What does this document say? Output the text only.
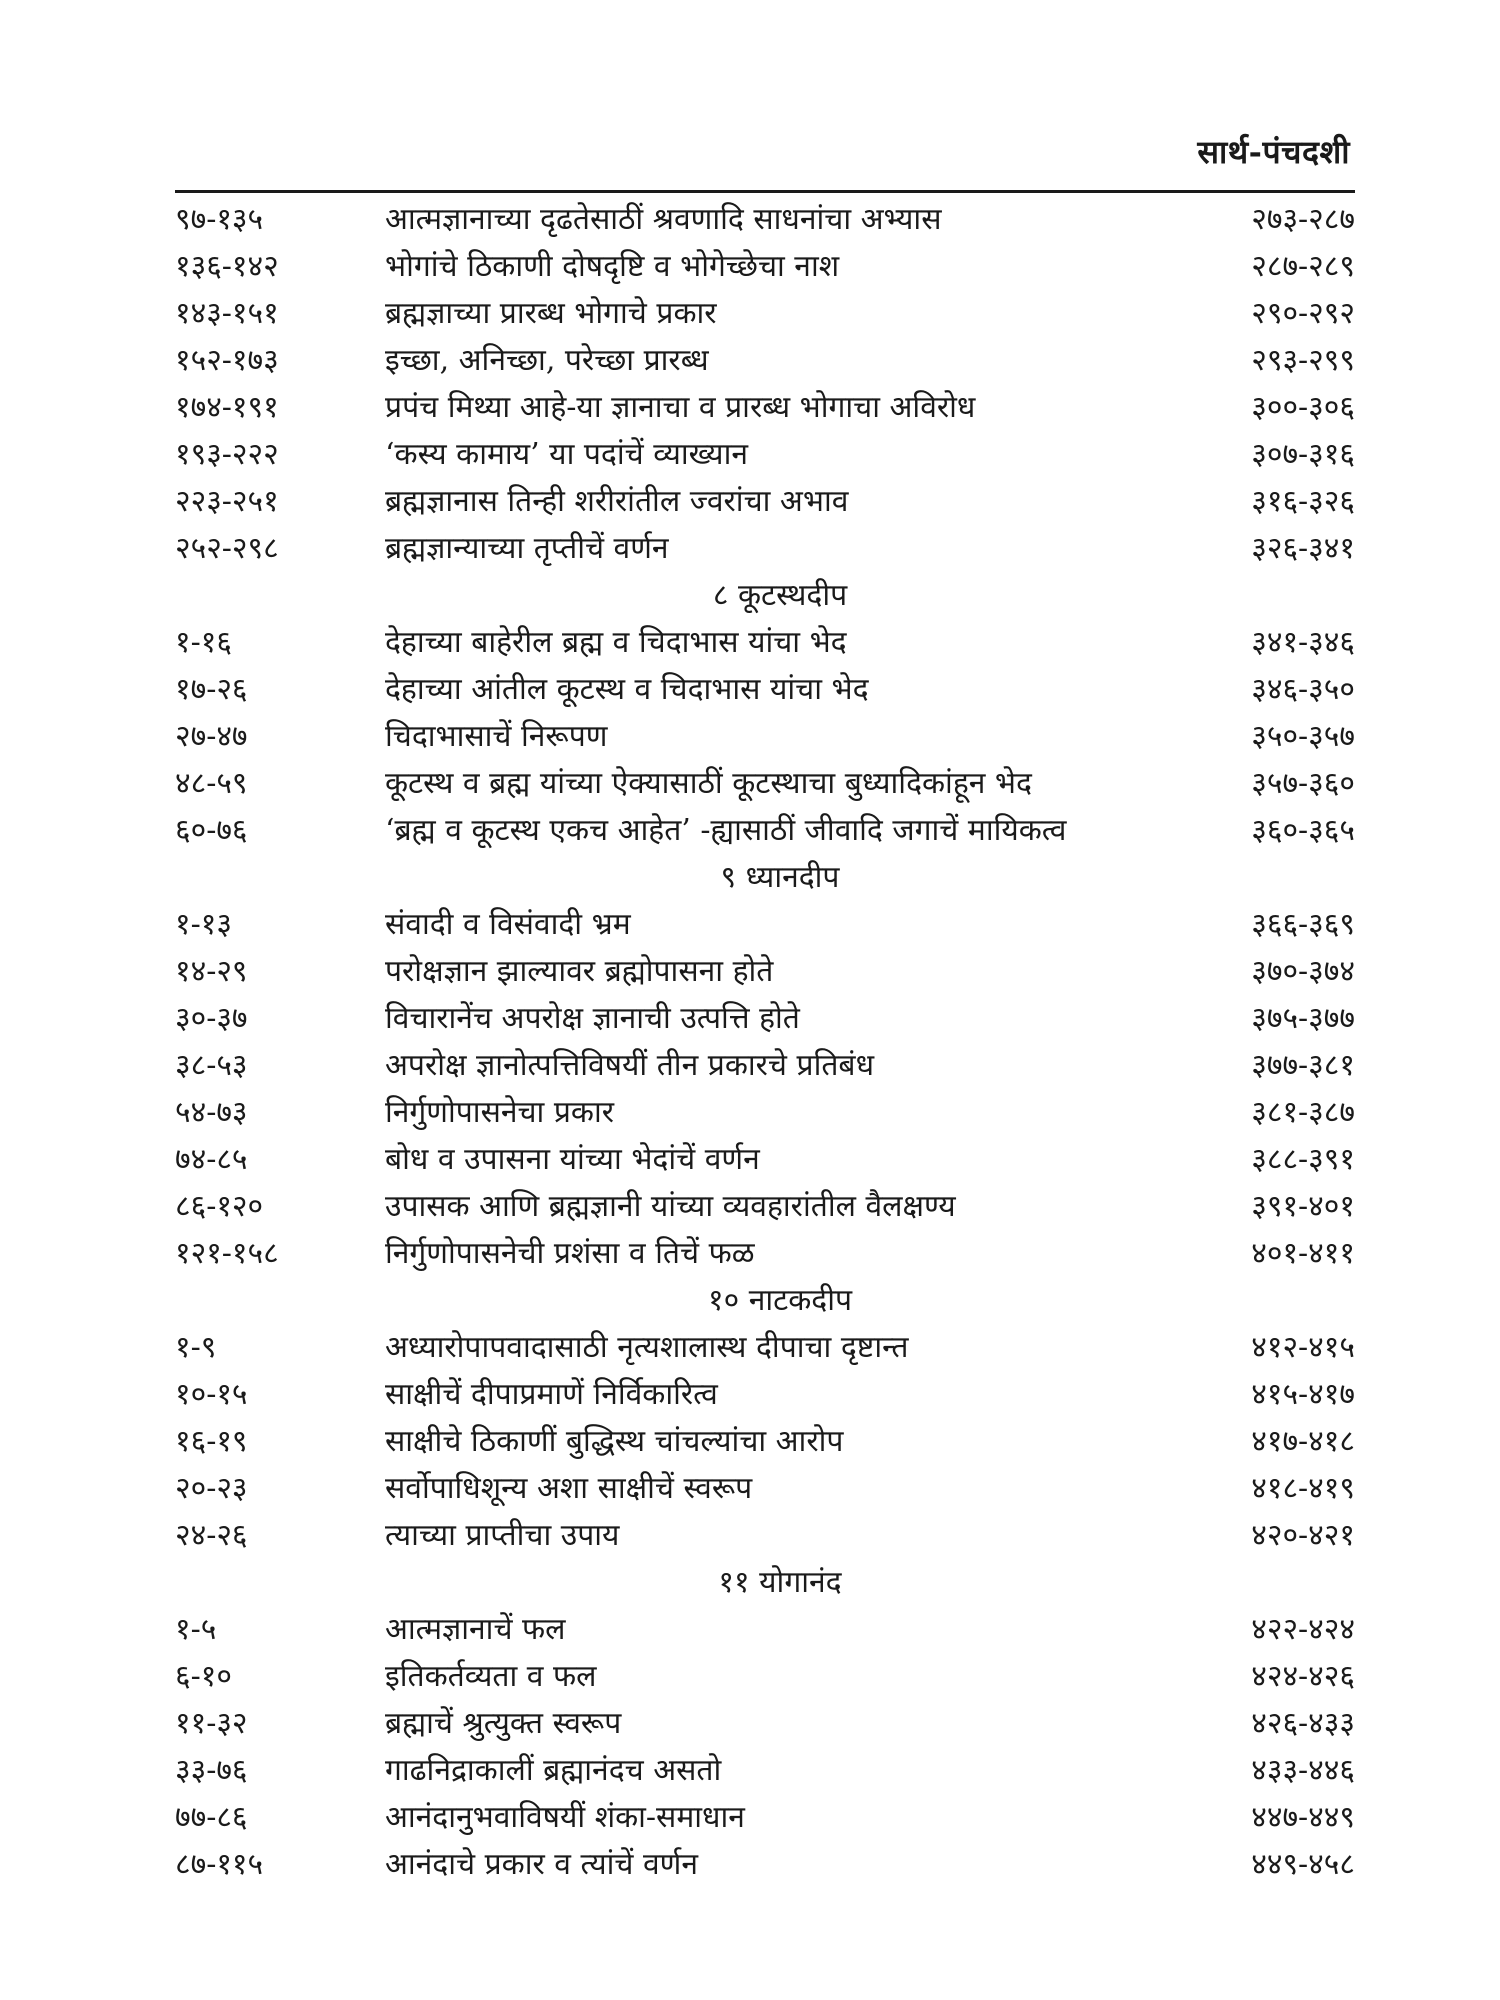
सार्थ-पंचदशी
९७-१३५	आत्मज्ञानाच्या दृढतेसाठीं श्रवणादि साधनांचा अभ्यास	२७३-२८७
१३६-१४२	भोगांचे ठिकाणी दोषदृष्टि व भोगेच्छेचा नाश	२८७-२८९
१४३-१५१	ब्रह्मज्ञाच्या प्रारब्ध भोगाचे प्रकार	२९०-२९२
१५२-१७३	इच्छा, अनिच्छा, परेच्छा प्रारब्ध	२९३-२९९
१७४-१९१	प्रपंच मिथ्या आहे-या ज्ञानाचा व प्रारब्ध भोगाचा अविरोध	३००-३०६
१९३-२२२	‘कस्य कामाय’ या पदांचें व्याख्यान	३०७-३१६
२२३-२५१	ब्रह्मज्ञानास तिन्ही शरीरांतील ज्वरांचा अभाव	३१६-३२६
२५२-२९८	ब्रह्मज्ञान्याच्या तृप्तीचें वर्णन	३२६-३४१
८ कूटस्थदीप
१-१६	देहाच्या बाहेरील ब्रह्म व चिदाभास यांचा भेद	३४१-३४६
१७-२६	देहाच्या आंतील कूटस्थ व चिदाभास यांचा भेद	३४६-३५०
२७-४७	चिदाभासाचें निरूपण	३५०-३५७
४८-५९	कूटस्थ व ब्रह्म यांच्या ऐक्यासाठीं कूटस्थाचा बुध्यादिकांहून भेद	३५७-३६०
६०-७६	‘ब्रह्म व कूटस्थ एकच आहेत’ -ह्यासाठीं जीवादि जगाचें मायिकत्व	३६०-३६५
९ ध्यानदीप
१-१३	संवादी व विसंवादी भ्रम	३६६-३६९
१४-२९	परोक्षज्ञान झाल्यावर ब्रह्मोपासना होते	३७०-३७४
३०-३७	विचारानेंच अपरोक्ष ज्ञानाची उत्पत्ति होते	३७५-३७७
३८-५३	अपरोक्ष ज्ञानोत्पत्तिविषयीं तीन प्रकारचे प्रतिबंध	३७७-३८१
५४-७३	निर्गुणोपासनेचा प्रकार	३८१-३८७
७४-८५	बोध व उपासना यांच्या भेदांचें वर्णन	३८८-३९१
८६-१२०	उपासक आणि ब्रह्मज्ञानी यांच्या व्यवहारांतील वैलक्षण्य	३९१-४०१
१२१-१५८	निर्गुणोपासनेची प्रशंसा व तिचें फळ	४०१-४११
१० नाटकदीप
१-९	अध्यारोपापवादासाठी नृत्यशालास्थ दीपाचा दृष्टान्त	४१२-४१५
१०-१५	साक्षीचें दीपाप्रमाणें निर्विकारित्व	४१५-४१७
१६-१९	साक्षीचे ठिकाणीं बुद्धिस्थ चांचल्यांचा आरोप	४१७-४१८
२०-२३	सर्वोपाधिशून्य अशा साक्षीचें स्वरूप	४१८-४१९
२४-२६	त्याच्या प्राप्तीचा उपाय	४२०-४२१
११ योगानंद
१-५	आत्मज्ञानाचें फल	४२२-४२४
६-१०	इतिकर्तव्यता व फल	४२४-४२६
११-३२	ब्रह्माचें श्रुत्युक्त स्वरूप	४२६-४३३
३३-७६	गाढनिद्राकालीं ब्रह्मानंदच असतो	४३३-४४६
७७-८६	आनंदानुभवाविषयीं शंका-समाधान	४४७-४४९
८७-११५	आनंदाचे प्रकार व त्यांचें वर्णन	४४९-४५८
